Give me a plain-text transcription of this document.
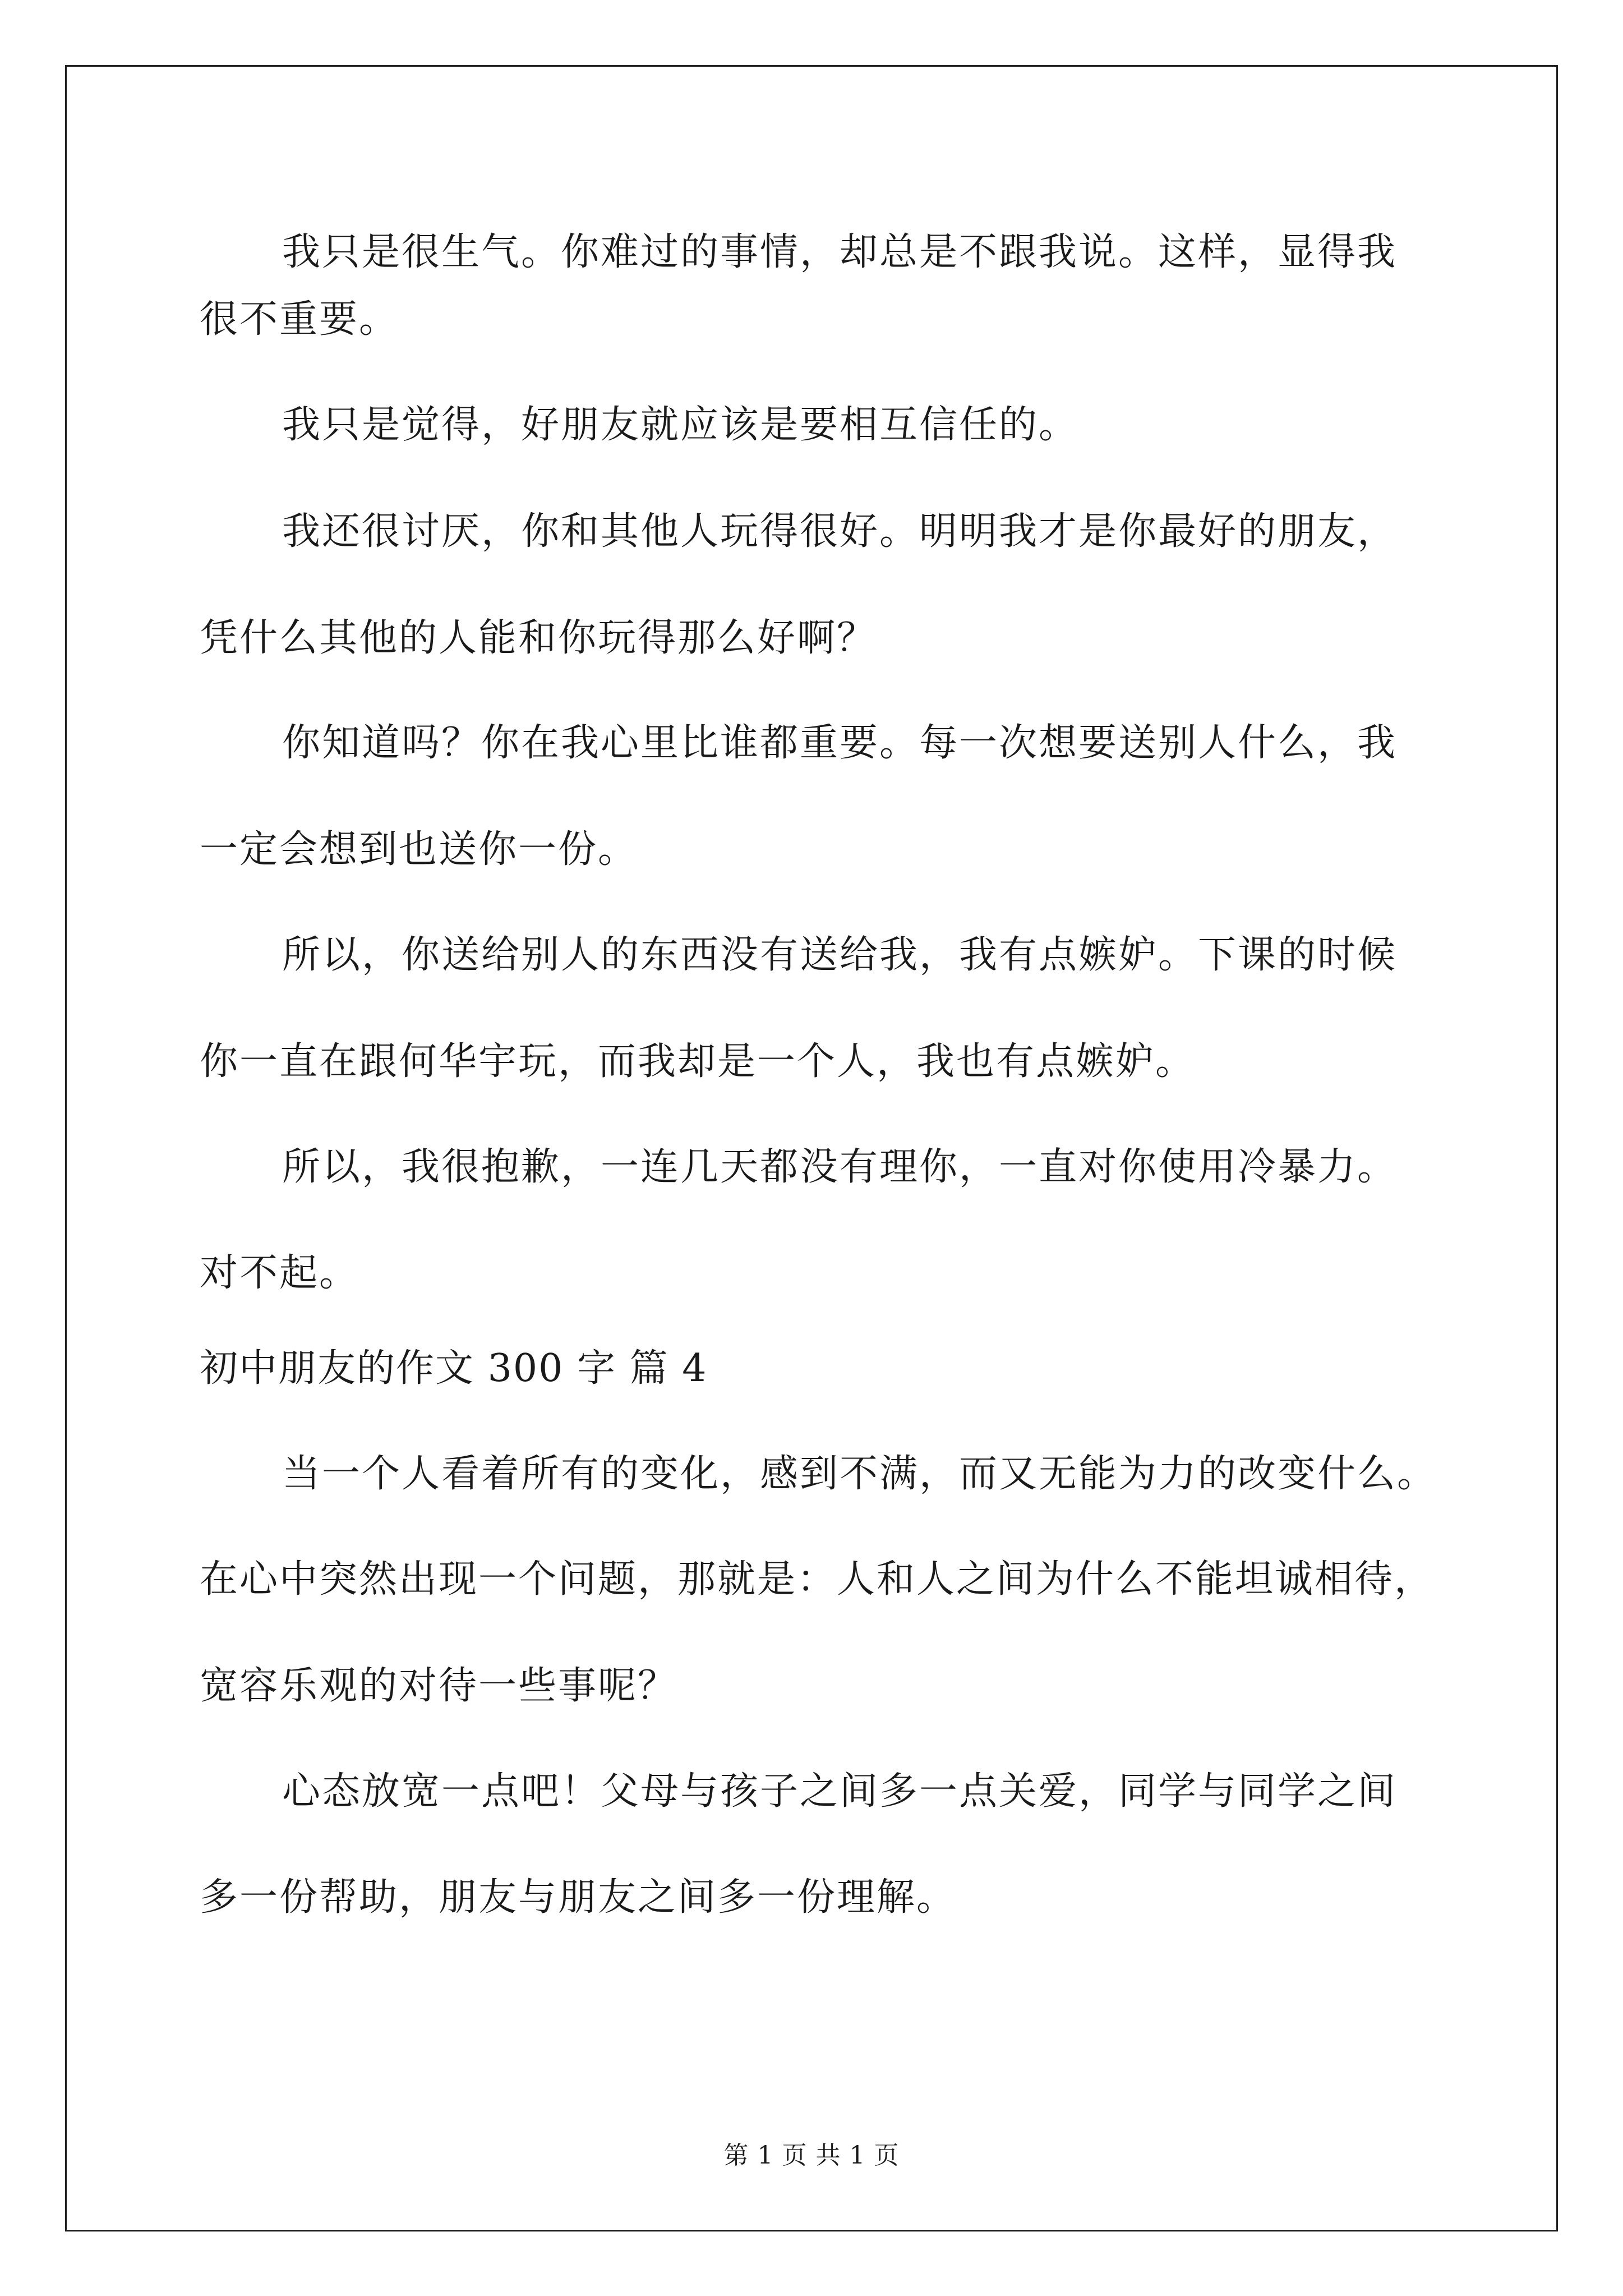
我只是很生气。你难过的事情，却总是不跟我说。这样，显得我
很不重要。
我只是觉得，好朋友就应该是要相互信任的。
我还很讨厌，你和其他人玩得很好。明明我才是你最好的朋友，
凭什么其他的人能和你玩得那么好啊？
你知道吗？你在我心里比谁都重要。每一次想要送别人什么，我
一定会想到也送你一份。
所以，你送给别人的东西没有送给我，我有点嫉妒。下课的时候
你一直在跟何华宇玩，而我却是一个人，我也有点嫉妒。
所以，我很抱歉，一连几天都没有理你，一直对你使用冷暴力。
对不起。
初中朋友的作文 300 字 篇 4
当一个人看着所有的变化，感到不满，而又无能为力的改变什么。
在心中突然出现一个问题，那就是：人和人之间为什么不能坦诚相待，
宽容乐观的对待一些事呢？
心态放宽一点吧！父母与孩子之间多一点关爱，同学与同学之间
多一份帮助，朋友与朋友之间多一份理解。
第 1 页 共 1 页
